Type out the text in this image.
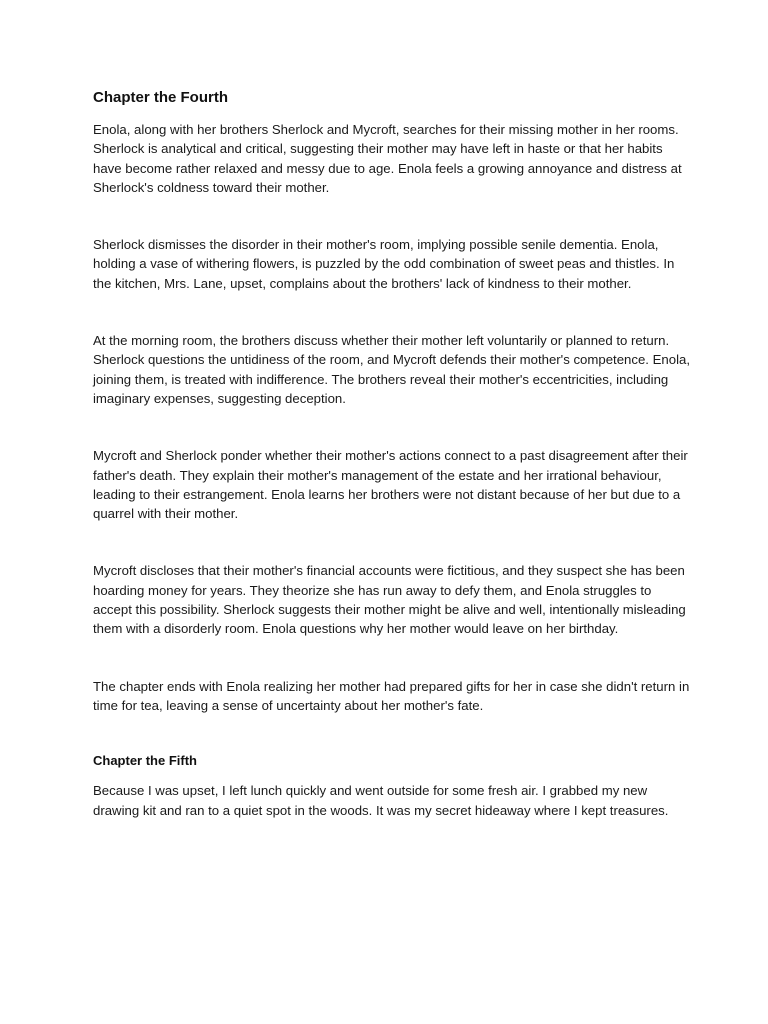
Chapter the Fourth

Enola, along with her brothers Sherlock and Mycroft, searches for their missing mother in her rooms. Sherlock is analytical and critical, suggesting their mother may have left in haste or that her habits have become rather relaxed and messy due to age. Enola feels a growing annoyance and distress at Sherlock's coldness toward their mother.

Sherlock dismisses the disorder in their mother's room, implying possible senile dementia. Enola, holding a vase of withering flowers, is puzzled by the odd combination of sweet peas and thistles. In the kitchen, Mrs. Lane, upset, complains about the brothers' lack of kindness to their mother.

At the morning room, the brothers discuss whether their mother left voluntarily or planned to return. Sherlock questions the untidiness of the room, and Mycroft defends their mother's competence. Enola, joining them, is treated with indifference. The brothers reveal their mother's eccentricities, including imaginary expenses, suggesting deception.

Mycroft and Sherlock ponder whether their mother's actions connect to a past disagreement after their father's death. They explain their mother's management of the estate and her irrational behaviour, leading to their estrangement. Enola learns her brothers were not distant because of her but due to a quarrel with their mother.

Mycroft discloses that their mother's financial accounts were fictitious, and they suspect she has been hoarding money for years. They theorize she has run away to defy them, and Enola struggles to accept this possibility. Sherlock suggests their mother might be alive and well, intentionally misleading them with a disorderly room. Enola questions why her mother would leave on her birthday.

The chapter ends with Enola realizing her mother had prepared gifts for her in case she didn't return in time for tea, leaving a sense of uncertainty about her mother's fate.

Chapter the Fifth

Because I was upset, I left lunch quickly and went outside for some fresh air. I grabbed my new drawing kit and ran to a quiet spot in the woods. It was my secret hideaway where I kept treasures.
